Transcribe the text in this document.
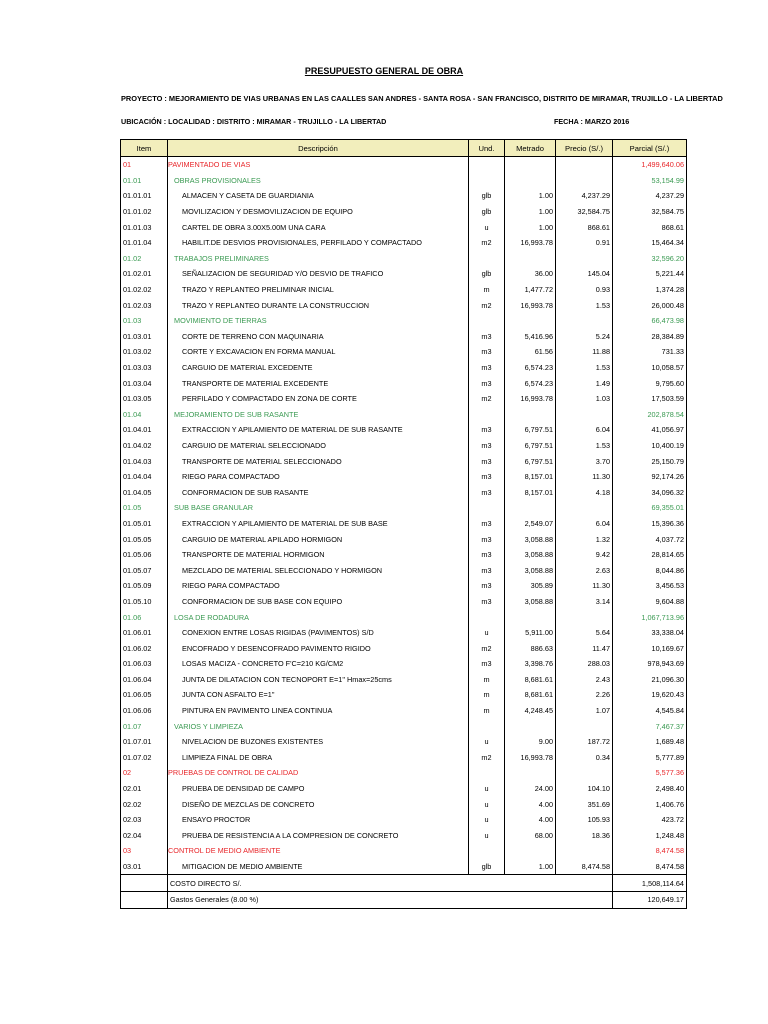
PRESUPUESTO GENERAL DE OBRA
PROYECTO : MEJORAMIENTO DE VIAS URBANAS EN LAS CAALLES SAN ANDRES - SANTA ROSA - SAN FRANCISCO, DISTRITO DE MIRAMAR, TRUJILLO - LA LIBERTAD
UBICACIÓN : LOCALIDAD : DISTRITO : MIRAMAR - TRUJILLO - LA LIBERTAD	FECHA : MARZO 2016
Item	Descripción	Und.	Metrado	Precio (S/.)	Parcial (S/.)
01	PAVIMENTADO DE VIAS				1,499,640.06
01.01	OBRAS PROVISIONALES				53,154.99
01.01.01	ALMACEN Y CASETA DE GUARDIANIA	glb	1.00	4,237.29	4,237.29
01.01.02	MOVILIZACION Y DESMOVILIZACION DE EQUIPO	glb	1.00	32,584.75	32,584.75
01.01.03	CARTEL DE OBRA 3.00X5.00M UNA CARA	u	1.00	868.61	868.61
01.01.04	HABILIT.DE DESVIOS PROVISIONALES, PERFILADO Y COMPACTADO	m2	16,993.78	0.91	15,464.34
01.02	TRABAJOS PRELIMINARES				32,596.20
01.02.01	SEÑALIZACION DE SEGURIDAD Y/O DESVIO DE TRAFICO	glb	36.00	145.04	5,221.44
01.02.02	TRAZO Y REPLANTEO PRELIMINAR INICIAL	m	1,477.72	0.93	1,374.28
01.02.03	TRAZO Y REPLANTEO DURANTE LA CONSTRUCCION	m2	16,993.78	1.53	26,000.48
01.03	MOVIMIENTO DE TIERRAS				66,473.98
01.03.01	CORTE DE TERRENO CON MAQUINARIA	m3	5,416.96	5.24	28,384.89
01.03.02	CORTE Y EXCAVACION EN FORMA MANUAL	m3	61.56	11.88	731.33
01.03.03	CARGUIO DE MATERIAL EXCEDENTE	m3	6,574.23	1.53	10,058.57
01.03.04	TRANSPORTE DE MATERIAL EXCEDENTE	m3	6,574.23	1.49	9,795.60
01.03.05	PERFILADO Y COMPACTADO EN ZONA DE CORTE	m2	16,993.78	1.03	17,503.59
01.04	MEJORAMIENTO DE SUB RASANTE				202,878.54
01.04.01	EXTRACCION Y APILAMIENTO DE MATERIAL DE SUB RASANTE	m3	6,797.51	6.04	41,056.97
01.04.02	CARGUIO DE MATERIAL SELECCIONADO	m3	6,797.51	1.53	10,400.19
01.04.03	TRANSPORTE DE MATERIAL SELECCIONADO	m3	6,797.51	3.70	25,150.79
01.04.04	RIEGO PARA COMPACTADO	m3	8,157.01	11.30	92,174.26
01.04.05	CONFORMACION DE SUB RASANTE	m3	8,157.01	4.18	34,096.32
01.05	SUB BASE GRANULAR				69,355.01
01.05.01	EXTRACCION Y APILAMIENTO DE MATERIAL DE SUB BASE	m3	2,549.07	6.04	15,396.36
01.05.05	CARGUIO DE MATERIAL APILADO HORMIGON	m3	3,058.88	1.32	4,037.72
01.05.06	TRANSPORTE DE MATERIAL HORMIGON	m3	3,058.88	9.42	28,814.65
01.05.07	MEZCLADO DE MATERIAL SELECCIONADO Y HORMIGON	m3	3,058.88	2.63	8,044.86
01.05.09	RIEGO PARA COMPACTADO	m3	305.89	11.30	3,456.53
01.05.10	CONFORMACION DE SUB BASE CON EQUIPO	m3	3,058.88	3.14	9,604.88
01.06	LOSA DE RODADURA				1,067,713.96
01.06.01	CONEXION ENTRE LOSAS RIGIDAS (PAVIMENTOS) S/D	u	5,911.00	5.64	33,338.04
01.06.02	ENCOFRADO Y DESENCOFRADO PAVIMENTO RIGIDO	m2	886.63	11.47	10,169.67
01.06.03	LOSAS MACIZA - CONCRETO F'C=210 KG/CM2	m3	3,398.76	288.03	978,943.69
01.06.04	JUNTA DE DILATACION CON TECNOPORT E=1" Hmax=25cms	m	8,681.61	2.43	21,096.30
01.06.05	JUNTA CON ASFALTO E=1"	m	8,681.61	2.26	19,620.43
01.06.06	PINTURA EN PAVIMENTO LINEA CONTINUA	m	4,248.45	1.07	4,545.84
01.07	VARIOS Y LIMPIEZA				7,467.37
01.07.01	NIVELACION DE BUZONES EXISTENTES	u	9.00	187.72	1,689.48
01.07.02	LIMPIEZA FINAL DE OBRA	m2	16,993.78	0.34	5,777.89
02	PRUEBAS DE CONTROL DE CALIDAD				5,577.36
02.01	PRUEBA DE DENSIDAD DE CAMPO	u	24.00	104.10	2,498.40
02.02	DISEÑO DE MEZCLAS DE CONCRETO	u	4.00	351.69	1,406.76
02.03	ENSAYO PROCTOR	u	4.00	105.93	423.72
02.04	PRUEBA DE RESISTENCIA A LA COMPRESION DE CONCRETO	u	68.00	18.36	1,248.48
03	CONTROL DE MEDIO AMBIENTE				8,474.58
03.01	MITIGACION DE MEDIO AMBIENTE	glb	1.00	8,474.58	8,474.58
	COSTO DIRECTO S/.				1,508,114.64
	Gastos Generales (8.00 %)				120,649.17
